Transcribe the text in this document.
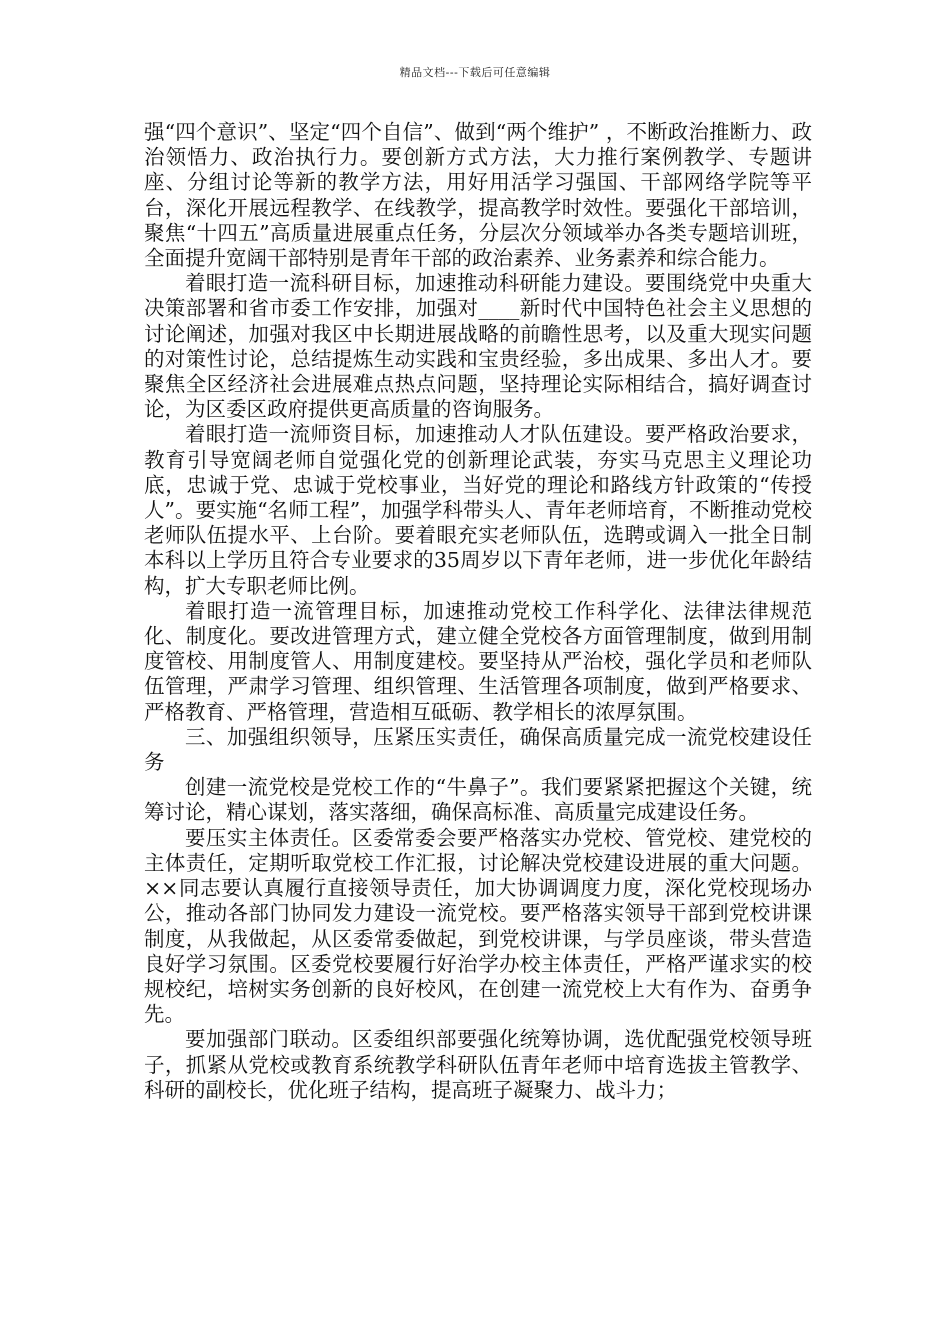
精品文档---下载后可任意编辑

强“四个意识”、坚定“四个自信”、做到“两个维护” ，不断政治推断力、政治领悟力、政治执行力。要创新方式方法，大力推行案例教学、专题讲座、分组讨论等新的教学方法，用好用活学习强国、干部网络学院等平台，深化开展远程教学、在线教学，提高教学时效性。要强化干部培训，聚焦“十四五”高质量进展重点任务，分层次分领域举办各类专题培训班，全面提升宽阔干部特别是青年干部的政治素养、业务素养和综合能力。

着眼打造一流科研目标，加速推动科研能力建设。要围绕党中央重大决策部署和省市委工作安排，加强对____新时代中国特色社会主义思想的讨论阐述，加强对我区中长期进展战略的前瞻性思考，以及重大现实问题的对策性讨论，总结提炼生动实践和宝贵经验，多出成果、多出人才。要聚焦全区经济社会进展难点热点问题，坚持理论实际相结合，搞好调查讨论，为区委区政府提供更高质量的咨询服务。

着眼打造一流师资目标，加速推动人才队伍建设。要严格政治要求，教育引导宽阔老师自觉强化党的创新理论武装，夯实马克思主义理论功底，忠诚于党、忠诚于党校事业，当好党的理论和路线方针政策的“传授人”。要实施“名师工程”，加强学科带头人、青年老师培育，不断推动党校老师队伍提水平、上台阶。要着眼充实老师队伍，选聘或调入一批全日制本科以上学历且符合专业要求的35周岁以下青年老师，进一步优化年龄结构，扩大专职老师比例。

着眼打造一流管理目标，加速推动党校工作科学化、法律法律规范化、制度化。要改进管理方式，建立健全党校各方面管理制度，做到用制度管校、用制度管人、用制度建校。要坚持从严治校，强化学员和老师队伍管理，严肃学习管理、组织管理、生活管理各项制度，做到严格要求、严格教育、严格管理，营造相互砥砺、教学相长的浓厚氛围。

三、加强组织领导，压紧压实责任，确保高质量完成一流党校建设任务

创建一流党校是党校工作的“牛鼻子”。我们要紧紧把握这个关键，统筹讨论，精心谋划，落实落细，确保高标准、高质量完成建设任务。

要压实主体责任。区委常委会要严格落实办党校、管党校、建党校的主体责任，定期听取党校工作汇报，讨论解决党校建设进展的重大问题。××同志要认真履行直接领导责任，加大协调调度力度，深化党校现场办公，推动各部门协同发力建设一流党校。要严格落实领导干部到党校讲课制度，从我做起，从区委常委做起，到党校讲课，与学员座谈，带头营造良好学习氛围。区委党校要履行好治学办校主体责任，严格严谨求实的校规校纪，培树实务创新的良好校风，在创建一流党校上大有作为、奋勇争先。

要加强部门联动。区委组织部要强化统筹协调，选优配强党校领导班子，抓紧从党校或教育系统教学科研队伍青年老师中培育选拔主管教学、科研的副校长，优化班子结构，提高班子凝聚力、战斗力；
